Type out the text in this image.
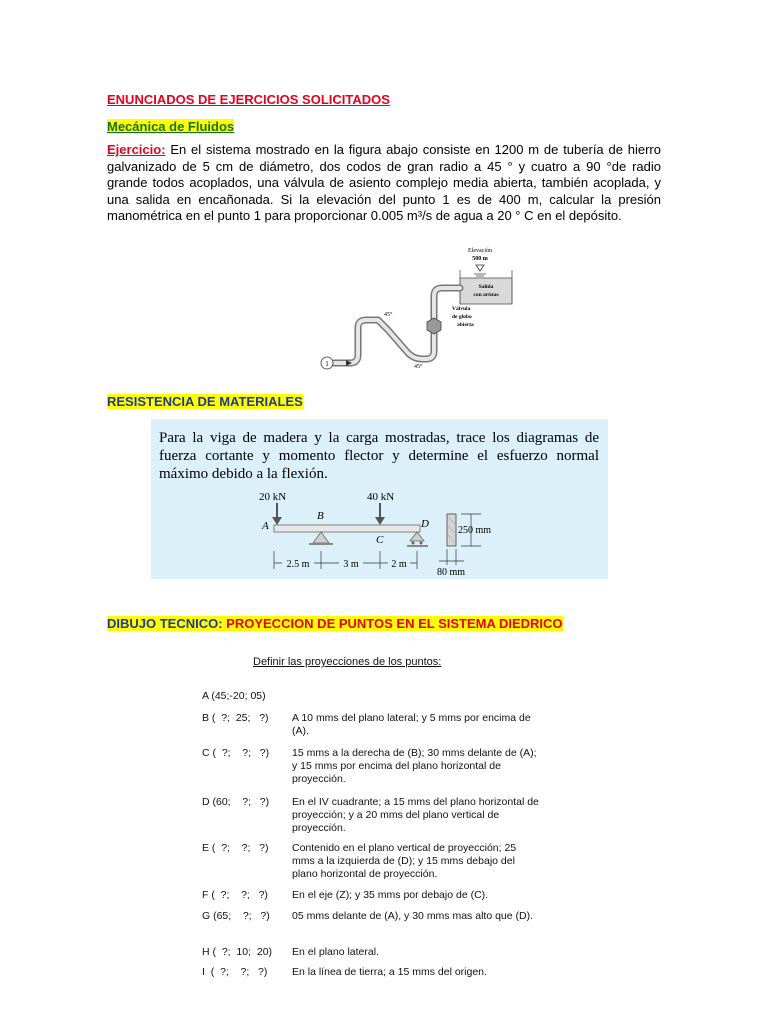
ENUNCIADOS DE EJERCICIOS SOLICITADOS
Mecánica de Fluidos
Ejercicio: En el sistema mostrado en la figura abajo consiste en 1200 m de tubería de hierro galvanizado de 5 cm de diámetro, dos codos de gran radio a 45 ° y cuatro a 90 °de radio grande todos acoplados, una válvula de asiento complejo media abierta, también acoplada, y una salida en encañonada. Si la elevación del punto 1 es de 400 m, calcular la presión manométrica en el punto 1 para proporcionar 0.005 m³/s de agua a 20 ° C en el depósito.
Elevación
500 m
Salida
con aristas
Válvula
de globo
abierta
45°
45°
1
RESISTENCIA DE MATERIALES
Para la viga de madera y la carga mostradas, trace los diagramas de fuerza cortante y momento flector y determine el esfuerzo normal máximo debido a la flexión.
20 kN	40 kN
A
B
C
D
2.5 m	3 m	2 m
250 mm
80 mm
DIBUJO TECNICO: PROYECCION DE PUNTOS EN EL SISTEMA DIEDRICO
Definir las proyecciones de los puntos:
A (45;-20; 05)
B (  ?;  25;   ?)	A 10 mms del plano lateral; y 5 mms por encima de (A).
C (  ?;    ?;   ?)	15 mms a la derecha de (B); 30 mms delante de (A); y 15 mms por encima del plano horizontal de proyección.
D (60;    ?;   ?)	En el IV cuadrante; a 15 mms del plano horizontal de proyección; y a 20 mms del plano vertical de proyección.
E (  ?;    ?;   ?)	Contenido en el plano vertical de proyección; 25 mms a la izquierda de (D); y 15 mms debajo del plano horizontal de proyección.
F (  ?;    ?;   ?)	En el eje (Z); y 35 mms por debajo de (C).
G (65;    ?;   ?)	05 mms delante de (A), y 30 mms mas alto que (D).
H (  ?;  10;  20)	En el plano lateral.
I  (  ?;    ?;   ?)	En la línea de tierra; a 15 mms del origen.
